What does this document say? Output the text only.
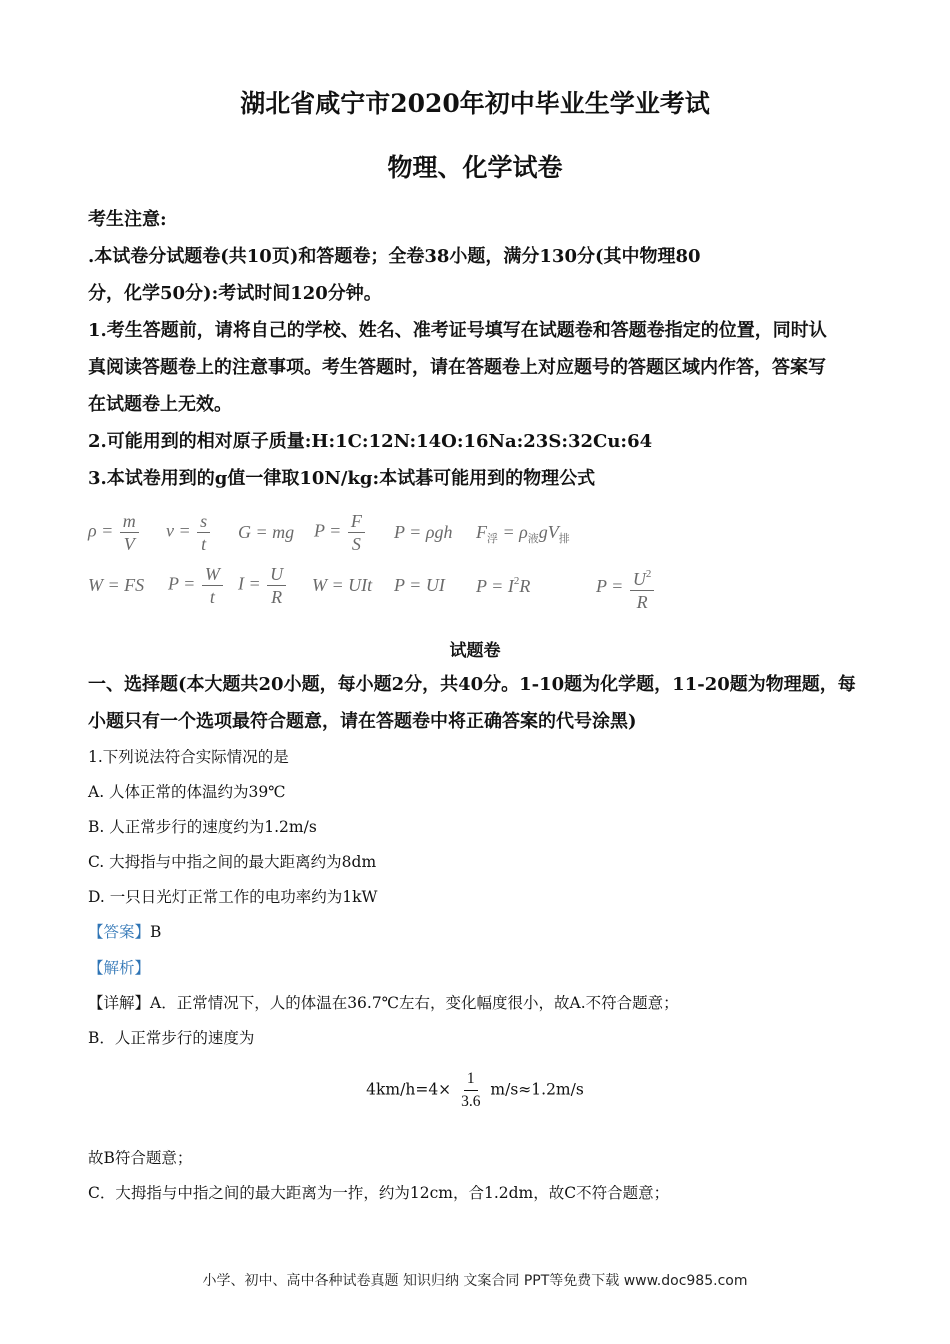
湖北省咸宁市2020年初中毕业生学业考试
物理、化学试卷
考生注意:
.本试卷分试题卷(共10页)和答题卷；全卷38小题，满分130分(其中物理80
分，化学50分):考试时间120分钟。
1.考生答题前，请将自己的学校、姓名、准考证号填写在试题卷和答题卷指定的位置，同时认
真阅读答题卷上的注意事项。考生答题时，请在答题卷上对应题号的答题区域内作答，答案写
在试题卷上无效。
2.可能用到的相对原子质量:H:1C:12N:14O:16Na:23S:32Cu:64
3.本试卷用到的g值一律取10N/kg:本试碁可能用到的物理公式
$\rho = \frac{m}{V}$ $v = \frac{s}{t}$ G = mg $P = \frac{F}{S}$ P = ρgh $F_浮 = \rho_液gV_排$
W = FS $P = \frac{W}{t}$ $I = \frac{U}{R}$ W = UIt P = UI $P = I^2R$	$P = \frac{U^2}{R}$
试题卷
一、选择题(本大题共20小题，每小题2分，共40分。1-10题为化学题，11-20题为物理题，每
小题只有一个选项最符合题意，请在答题卷中将正确答案的代号涂黑)
1.下列说法符合实际情况的是
A. 人体正常的体温约为39℃
B. 人正常步行的速度约为1.2m/s
C. 大拇指与中指之间的最大距离约为8dm
D. 一只日光灯正常工作的电功率约为1kW
【答案】B
【解析】
【详解】A．正常情况下，人的体温在36.7℃左右，变化幅度很小，故A.不符合题意；
B．人正常步行的速度为
$4km/h=4\times \frac{1}{3.6} m/s\approx 1.2m/s$
故B符合题意；
C．大拇指与中指之间的最大距离为一拃，约为12cm，合1.2dm，故C不符合题意；
小学、初中、高中各种试卷真题 知识归纳 文案合同 PPT等免费下载 www.doc985.com
